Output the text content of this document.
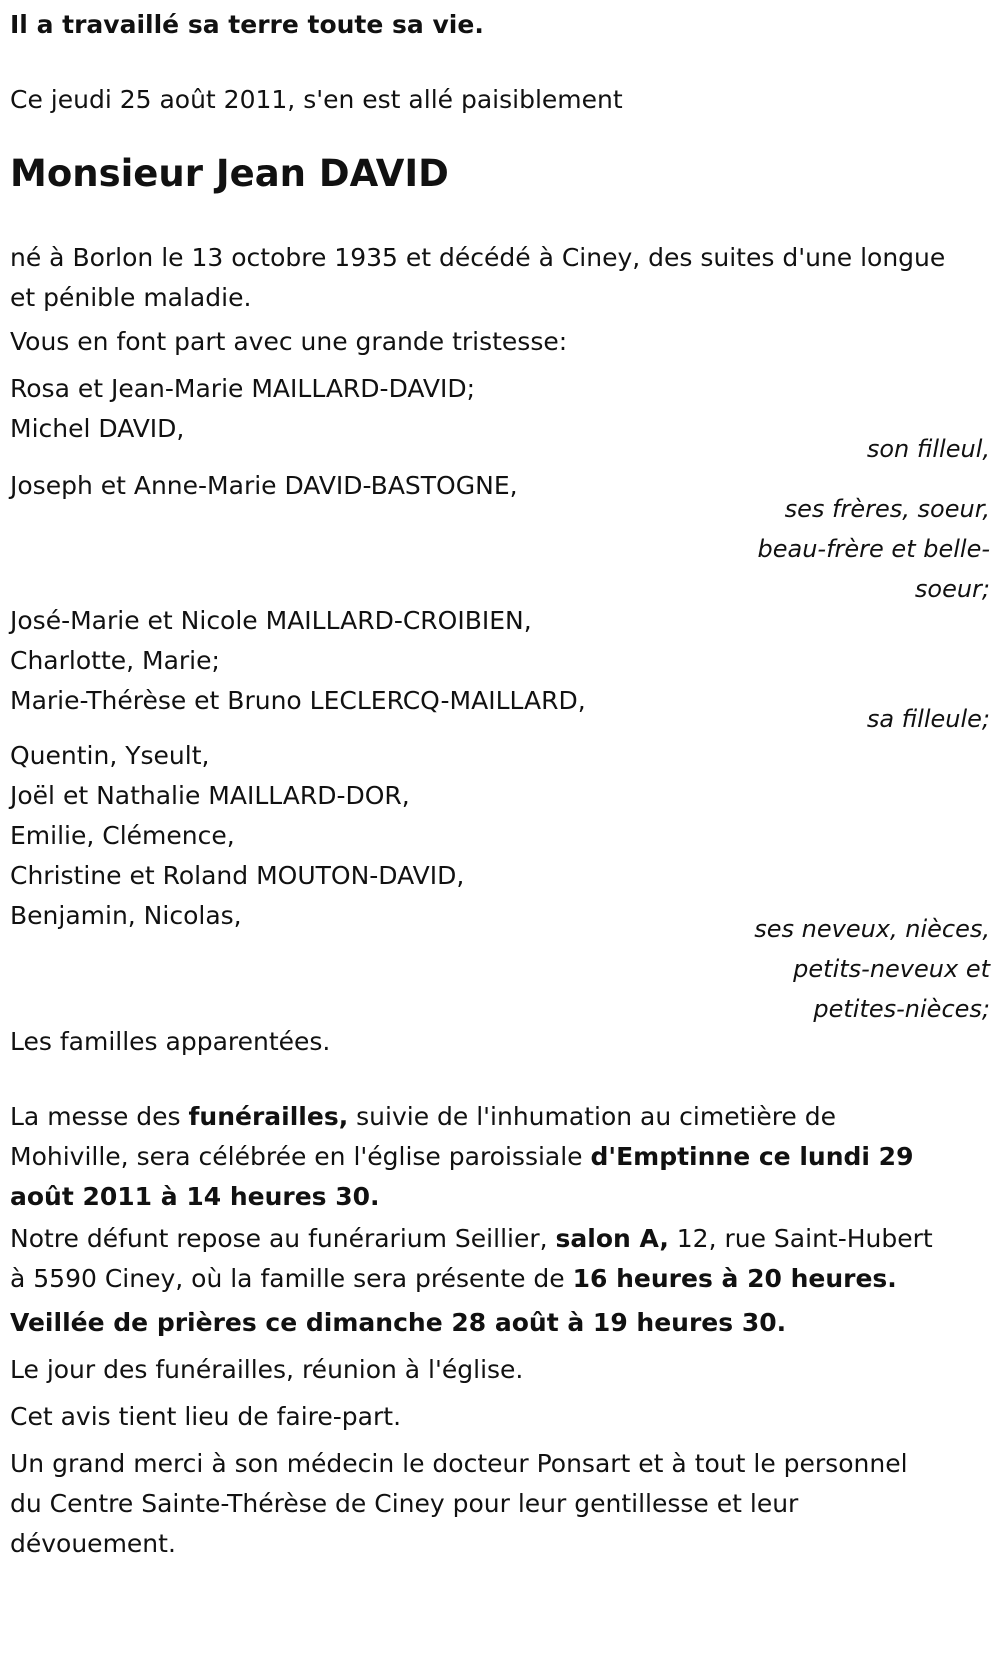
Il a travaillé sa terre toute sa vie.

Ce jeudi 25 août 2011, s'en est allé paisiblement

Monsieur Jean DAVID

né à Borlon le 13 octobre 1935 et décédé à Ciney, des suites d'une longue
et pénible maladie.

Vous en font part avec une grande tristesse:

Rosa et Jean-Marie MAILLARD-DAVID;
Michel DAVID,

son filleul,

Joseph et Anne-Marie DAVID-BASTOGNE,

ses frères, soeur,
beau-frère et belle-
soeur;

José-Marie et Nicole MAILLARD-CROIBIEN,
Charlotte, Marie;
Marie-Thérèse et Bruno LECLERCQ-MAILLARD,

sa filleule;

Quentin, Yseult,
Joël et Nathalie MAILLARD-DOR,
Emilie, Clémence,
Christine et Roland MOUTON-DAVID,
Benjamin, Nicolas,	ses neveux, nièces,
petits-neveux et
petites-nièces;

Les familles apparentées.

La messe des funérailles, suivie de l'inhumation au cimetière de
Mohiville, sera célébrée en l'église paroissiale d'Emptinne ce lundi 29
août 2011 à 14 heures 30.

Notre défunt repose au funérarium Seillier, salon A, 12, rue Saint-Hubert
à 5590 Ciney, où la famille sera présente de 16 heures à 20 heures.

Veillée de prières ce dimanche 28 août à 19 heures 30.

Le jour des funérailles, réunion à l'église.

Cet avis tient lieu de faire-part.

Un grand merci à son médecin le docteur Ponsart et à tout le personnel
du Centre Sainte-Thérèse de Ciney pour leur gentillesse et leur
dévouement.
